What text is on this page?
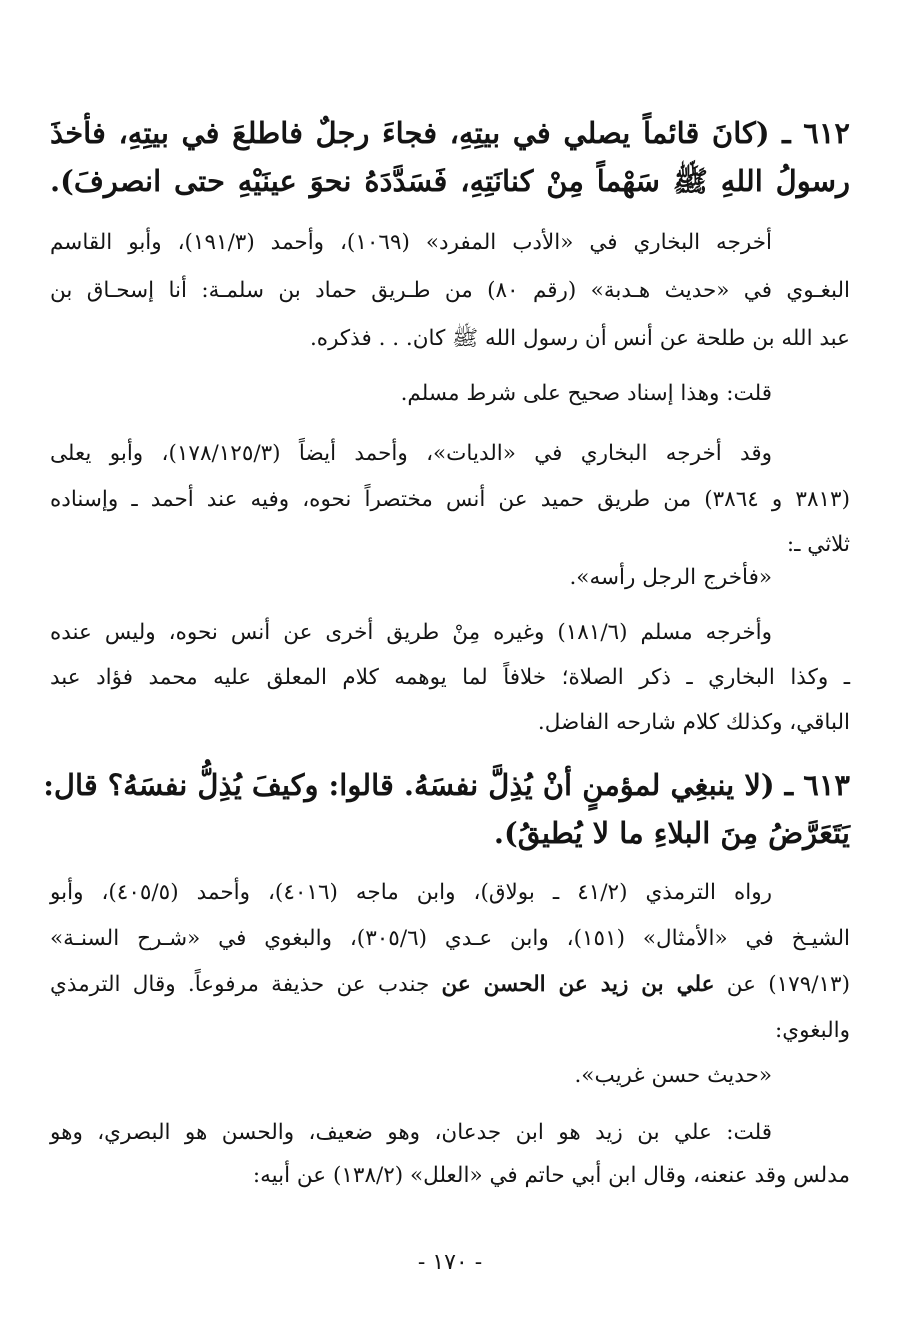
٦١٢ ـ (كانَ قائماً يصلي في بيتِهِ، فجاءَ رجلٌ فاطلعَ في بيتِهِ، فأخذَ
رسولُ اللهِ ﷺ سَهْماً مِنْ كنانَتِهِ، فَسَدَّدَهُ نحوَ عينَيْهِ حتى انصرفَ).
أخرجه البخاري في «الأدب المفرد» (١٠٦٩)، وأحمد (١٩١/٣)، وأبو القاسم
البغـوي في «حديث هـدبة» (رقم ٨٠) من طـريق حماد بن سلمـة: أنا إسحـاق بن
عبد الله بن طلحة عن أنس أن رسول الله ﷺ كان. . . فذكره.
قلت: وهذا إسناد صحيح على شرط مسلم.
وقد أخرجه البخاري في «الديات»، وأحمد أيضاً (١٧٨/١٢٥/٣)، وأبو يعلى
(٣٨١٣ و ٣٨٦٤) من طريق حميد عن أنس مختصراً نحوه، وفيه عند أحمد ـ وإسناده
ثلاثي ـ:
«فأخرج الرجل رأسه».
وأخرجه مسلم (١٨١/٦) وغيره مِنْ طريق أخرى عن أنس نحوه، وليس عنده
ـ وكذا البخاري ـ ذكر الصلاة؛ خلافاً لما يوهمه كلام المعلق عليه محمد فؤاد عبد
الباقي، وكذلك كلام شارحه الفاضل.
٦١٣ ـ (لا ينبغِي لمؤمنٍ أنْ يُذِلَّ نفسَهُ. قالوا: وكيفَ يُذِلُّ نفسَهُ؟ قال:
يَتَعَرَّضُ مِنَ البلاءِ ما لا يُطيقُ).
رواه الترمذي (٤١/٢ ـ بولاق)، وابن ماجه (٤٠١٦)، وأحمد (٤٠٥/٥)، وأبو
الشيـخ في «الأمثال» (١٥١)، وابن عـدي (٣٠٥/٦)، والبغوي في «شـرح السنـة»
(١٧٩/١٣) عن علي بن زيد عن الحسن عن جندب عن حذيفة مرفوعاً. وقال الترمذي
والبغوي:
«حديث حسن غريب».
قلت: علي بن زيد هو ابن جدعان، وهو ضعيف، والحسن هو البصري، وهو
مدلس وقد عنعنه، وقال ابن أبي حاتم في «العلل» (١٣٨/٢) عن أبيه:
- ١٧٠ -
